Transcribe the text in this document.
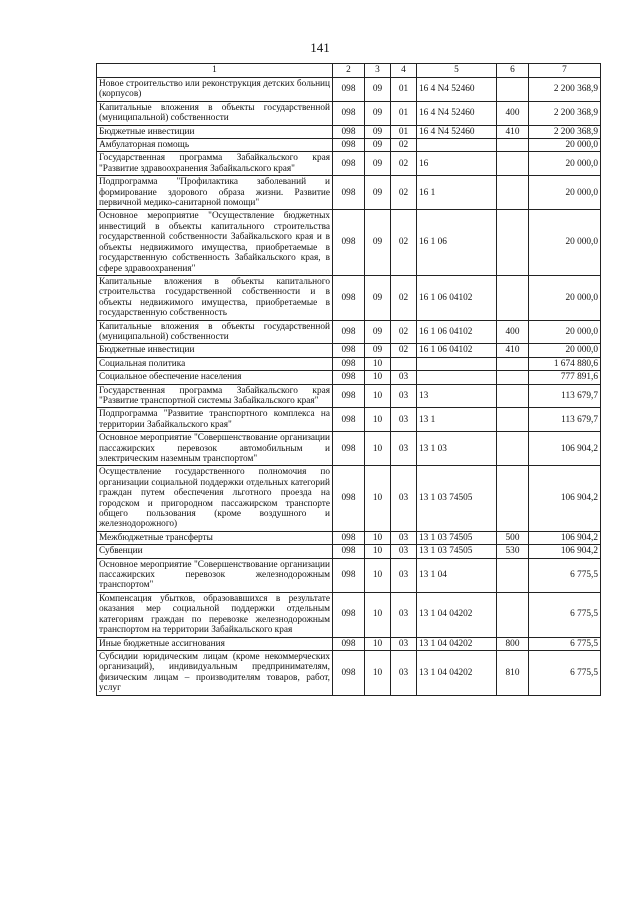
141
1	2	3	4	5	6	7
Новое строительство или реконструкция детских больниц (корпусов)	098	09	01	16 4 N4 52460		2 200 368,9
Капитальные вложения в объекты государственной (муниципальной) собственности	098	09	01	16 4 N4 52460	400	2 200 368,9
Бюджетные инвестиции	098	09	01	16 4 N4 52460	410	2 200 368,9
Амбулаторная помощь	098	09	02			20 000,0
Государственная программа Забайкальского края "Развитие здравоохранения Забайкальского края"	098	09	02	16		20 000,0
Подпрограмма "Профилактика заболеваний и формирование здорового образа жизни. Развитие первичной медико-санитарной помощи"	098	09	02	16 1		20 000,0
Основное мероприятие "Осуществление бюджетных инвестиций в объекты капитального строительства государственной собственности Забайкальского края и в объекты недвижимого имущества, приобретаемые в государственную собственность Забайкальского края, в сфере здравоохранения"	098	09	02	16 1 06		20 000,0
Капитальные вложения в объекты капитального строительства государственной собственности и в объекты недвижимого имущества, приобретаемые в государственную собственность	098	09	02	16 1 06 04102		20 000,0
Капитальные вложения в объекты государственной (муниципальной) собственности	098	09	02	16 1 06 04102	400	20 000,0
Бюджетные инвестиции	098	09	02	16 1 06 04102	410	20 000,0
Социальная политика	098	10				1 674 880,6
Социальное обеспечение населения	098	10	03			777 891,6
Государственная программа Забайкальского края "Развитие транспортной системы Забайкальского края"	098	10	03	13		113 679,7
Подпрограмма "Развитие транспортного комплекса на территории Забайкальского края"	098	10	03	13 1		113 679,7
Основное мероприятие "Совершенствование организации пассажирских перевозок автомобильным и электрическим наземным транспортом"	098	10	03	13 1 03		106 904,2
Осуществление государственного полномочия по организации социальной поддержки отдельных категорий граждан путем обеспечения льготного проезда на городском и пригородном пассажирском транспорте общего пользования (кроме воздушного и железнодорожного)	098	10	03	13 1 03 74505		106 904,2
Межбюджетные трансферты	098	10	03	13 1 03 74505	500	106 904,2
Субвенции	098	10	03	13 1 03 74505	530	106 904,2
Основное мероприятие "Совершенствование организации пассажирских перевозок железнодорожным транспортом"	098	10	03	13 1 04		6 775,5
Компенсация убытков, образовавшихся в результате оказания мер социальной поддержки отдельным категориям граждан по перевозке железнодорожным транспортом на территории Забайкальского края	098	10	03	13 1 04 04202		6 775,5
Иные бюджетные ассигнования	098	10	03	13 1 04 04202	800	6 775,5
Субсидии юридическим лицам (кроме некоммерческих организаций), индивидуальным предпринимателям, физическим лицам – производителям товаров, работ, услуг	098	10	03	13 1 04 04202	810	6 775,5
